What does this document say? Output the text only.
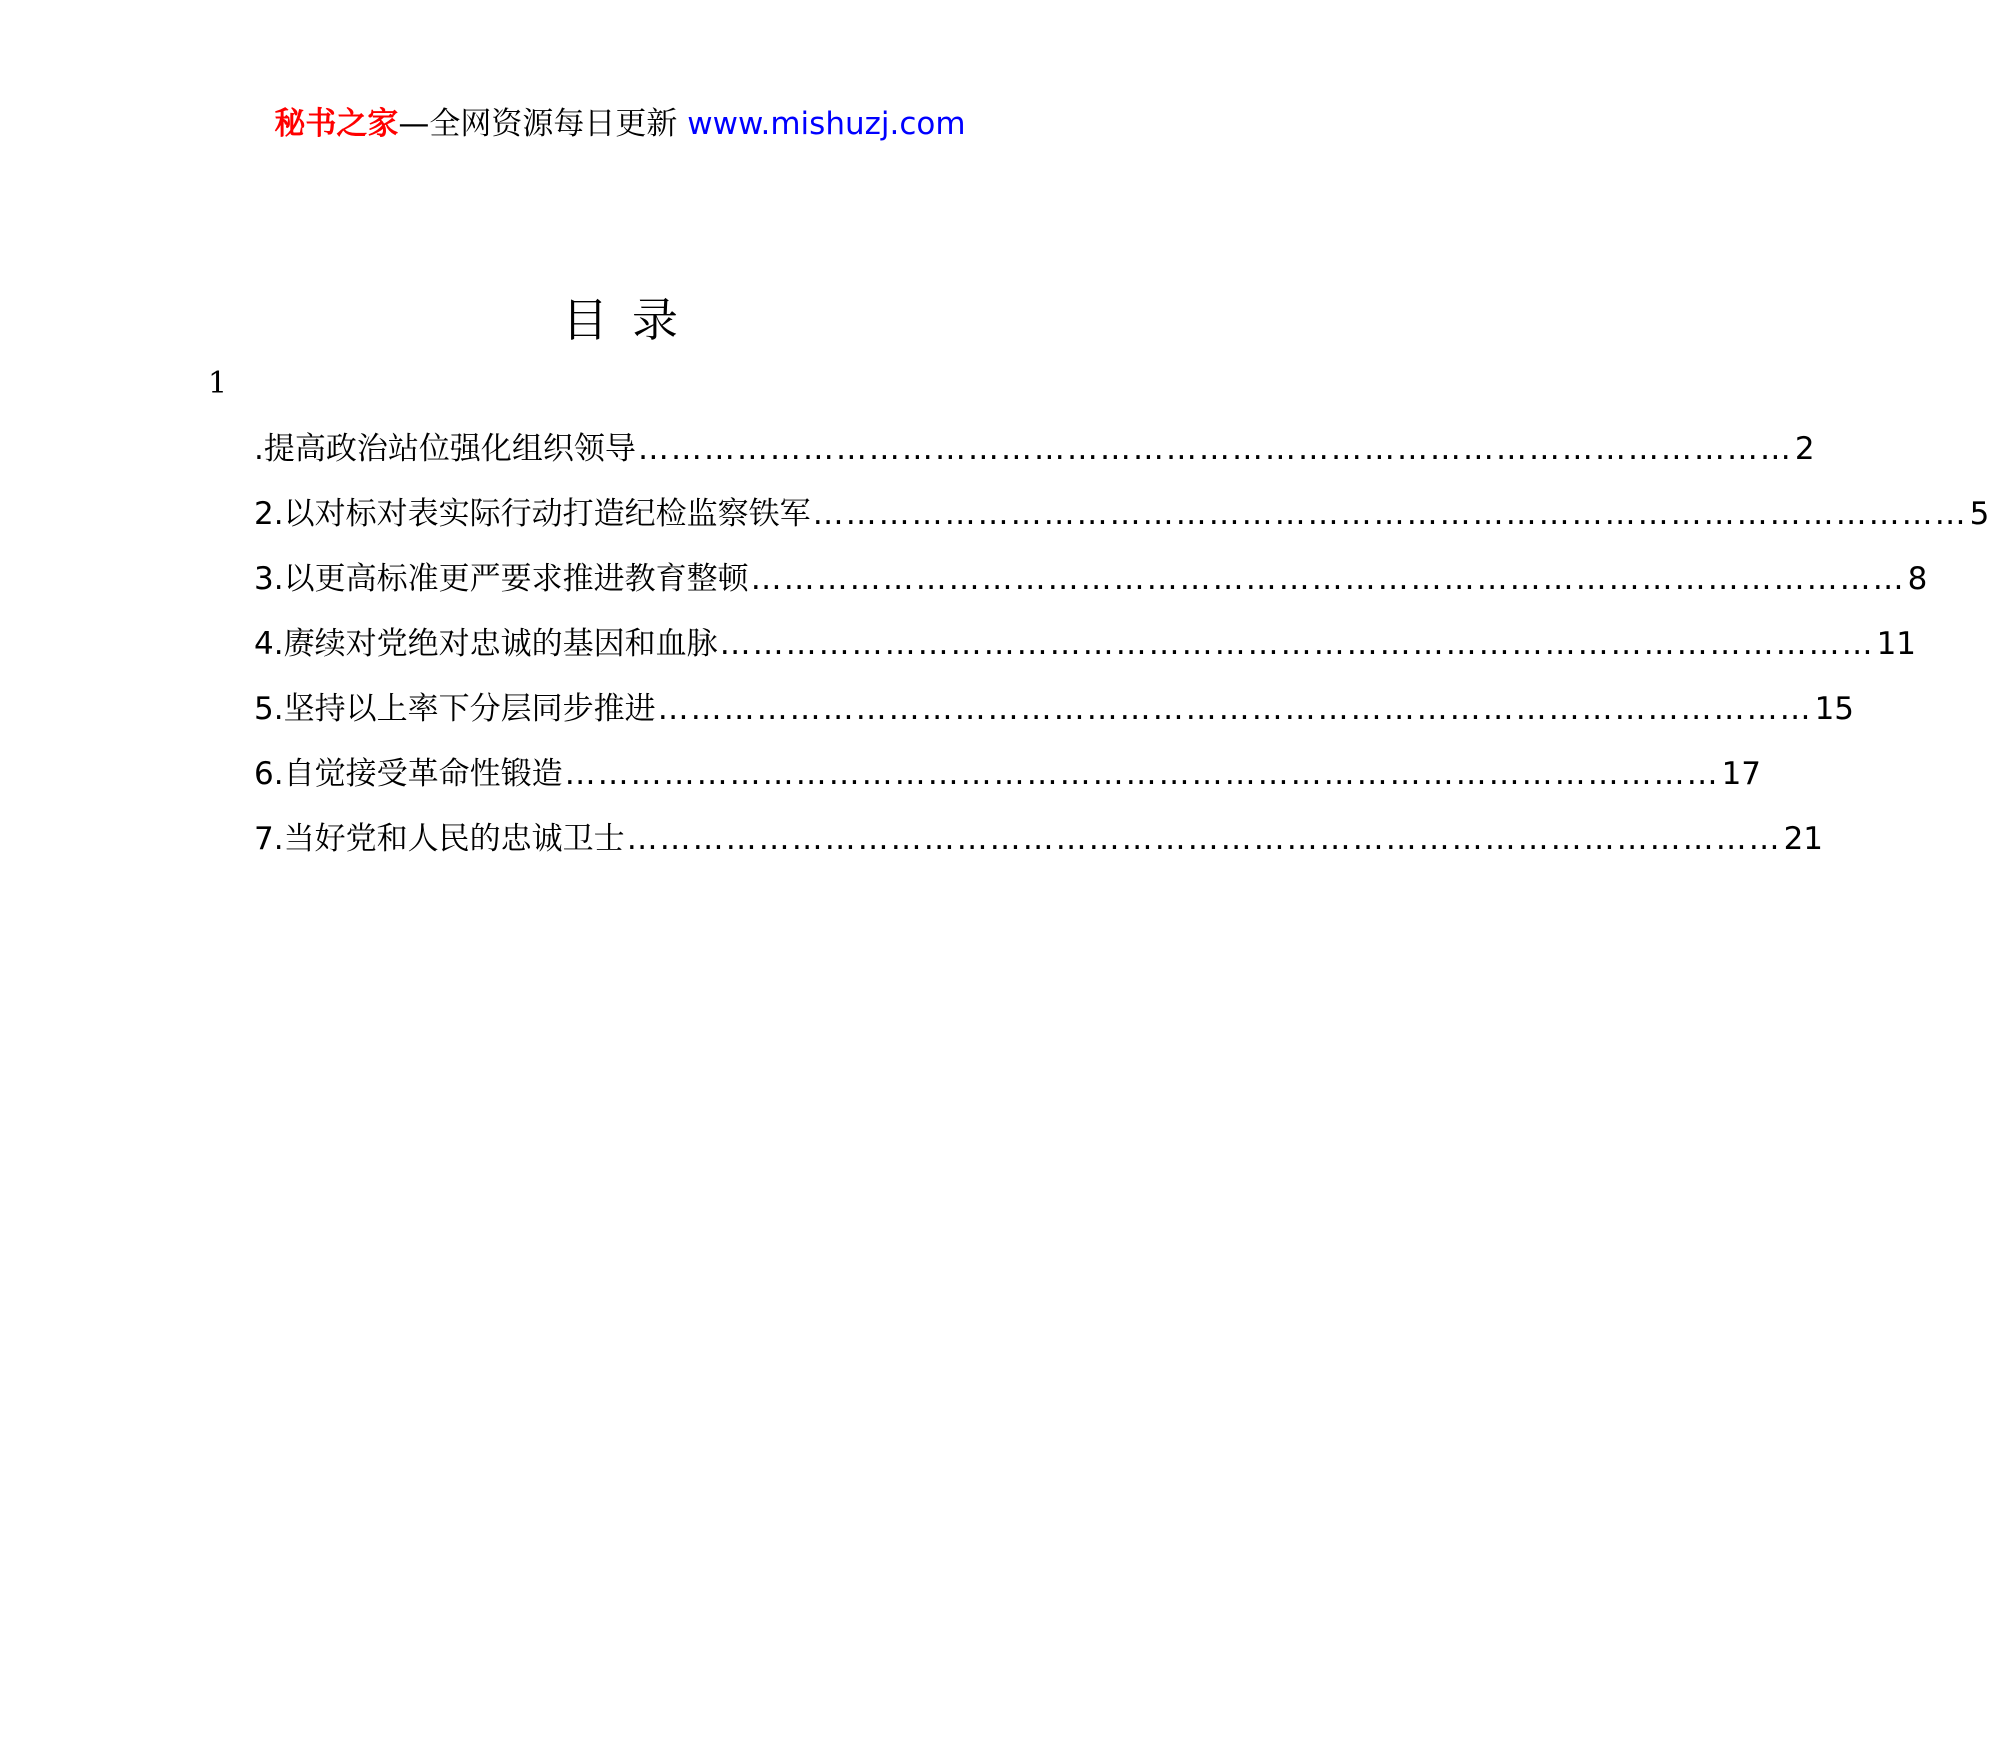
秘书之家—全网资源每日更新 www.mishuzj.com
目录
1
.提高政治站位强化组织领导 …………………………………………………………………………………………… 2
2.以对标对表实际行动打造纪检监察铁军 …………………………………………………………………………………………… 5
3.以更高标准更严要求推进教育整顿 …………………………………………………………………………………………… 8
4.赓续对党绝对忠诚的基因和血脉 …………………………………………………………………………………………… 11
5.坚持以上率下分层同步推进 …………………………………………………………………………………………… 15
6.自觉接受革命性锻造 …………………………………………………………………………………………… 17
7.当好党和人民的忠诚卫士 …………………………………………………………………………………………… 21
